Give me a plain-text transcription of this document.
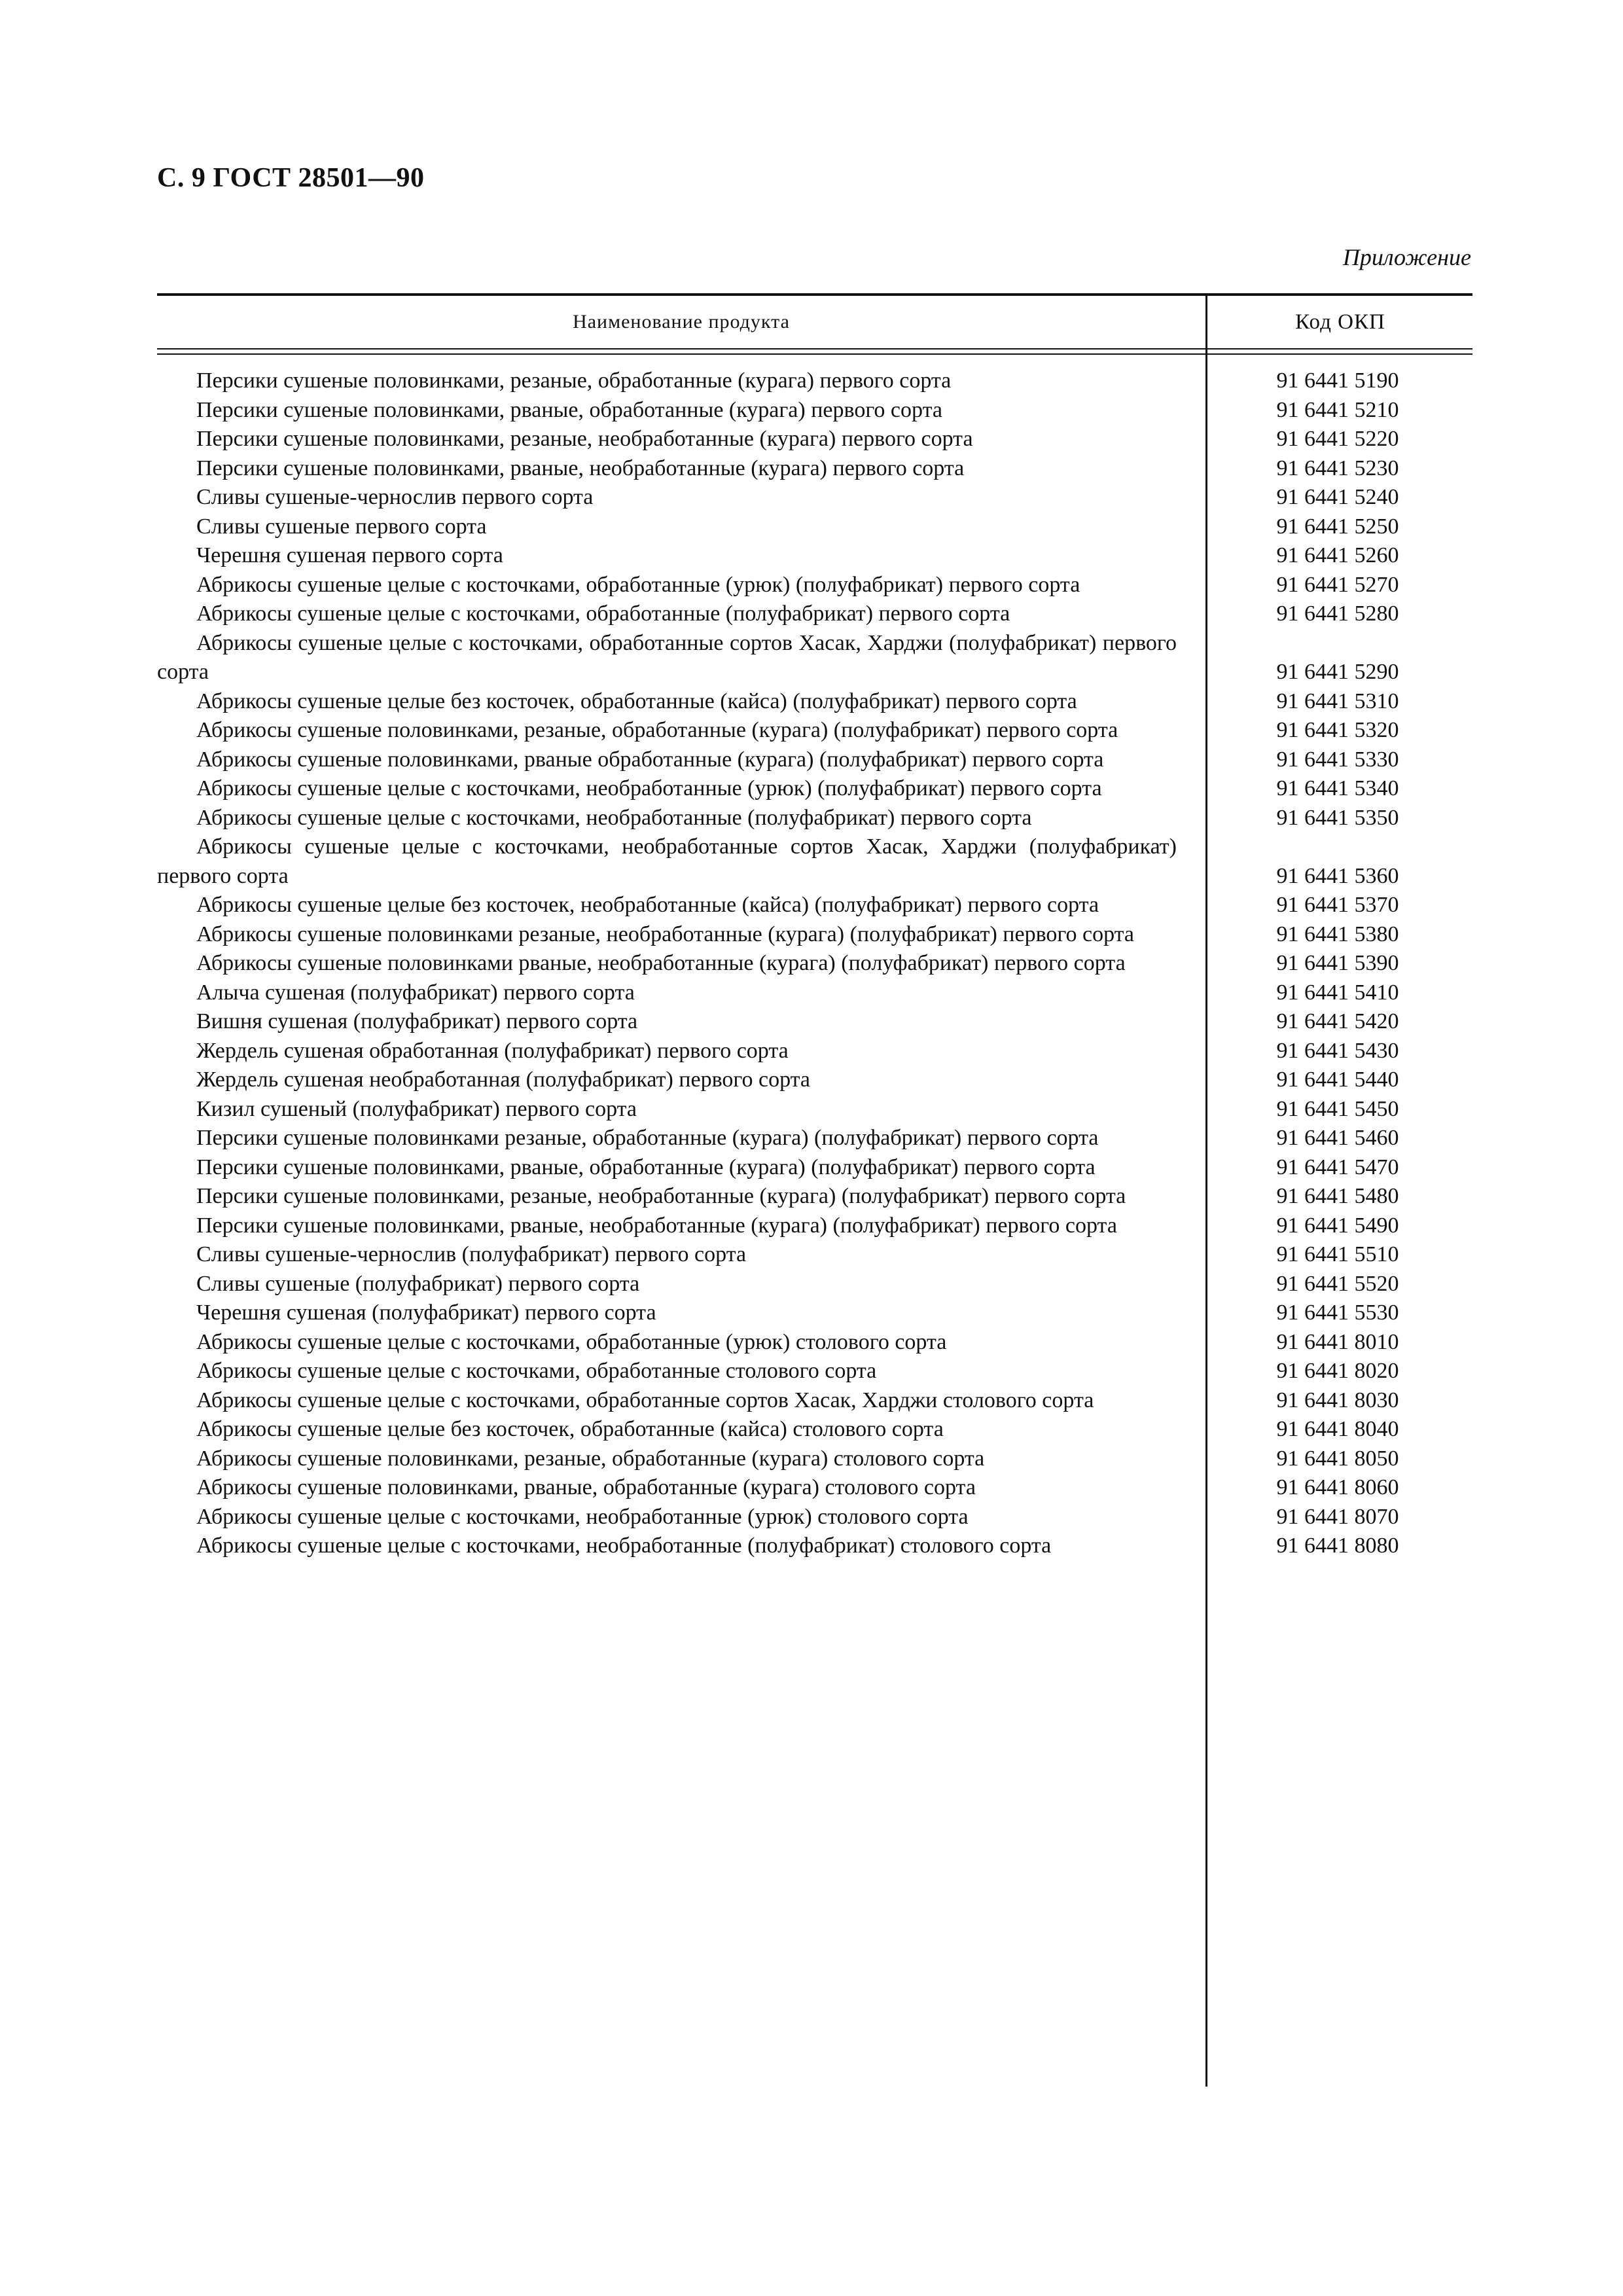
С. 9 ГОСТ 28501—90
Приложение
Наименование продукта	Код ОКП
Персики сушеные половинками, резаные, обработанные (курага) первого сорта	91 6441 5190
Персики сушеные половинками, рваные, обработанные (курага) первого сорта	91 6441 5210
Персики сушеные половинками, резаные, необработанные (курага) первого сорта	91 6441 5220
Персики сушеные половинками, рваные, необработанные (курага) первого сорта	91 6441 5230
Сливы сушеные-чернослив первого сорта	91 6441 5240
Сливы сушеные первого сорта	91 6441 5250
Черешня сушеная первого сорта	91 6441 5260
Абрикосы сушеные целые с косточками, обработанные (урюк) (полуфабрикат) первого сорта	91 6441 5270
Абрикосы сушеные целые с косточками, обработанные (полуфабрикат) первого сорта	91 6441 5280
Абрикосы сушеные целые с косточками, обработанные сортов Хасак, Харджи (полуфабрикат) первого сорта	91 6441 5290
Абрикосы сушеные целые без косточек, обработанные (кайса) (полуфабрикат) первого сорта	91 6441 5310
Абрикосы сушеные половинками, резаные, обработанные (курага) (полуфабрикат) первого сорта	91 6441 5320
Абрикосы сушеные половинками, рваные обработанные (курага) (полуфабрикат) первого сорта	91 6441 5330
Абрикосы сушеные целые с косточками, необработанные (урюк) (полуфабрикат) первого сорта	91 6441 5340
Абрикосы сушеные целые с косточками, необработанные (полуфабрикат) первого сорта	91 6441 5350
Абрикосы сушеные целые с косточками, необработанные сортов Хасак, Харджи (полуфабрикат) первого сорта	91 6441 5360
Абрикосы сушеные целые без косточек, необработанные (кайса) (полуфабрикат) первого сорта	91 6441 5370
Абрикосы сушеные половинками резаные, необработанные (курага) (полуфабрикат) первого сорта	91 6441 5380
Абрикосы сушеные половинками рваные, необработанные (курага) (полуфабрикат) первого сорта	91 6441 5390
Алыча сушеная (полуфабрикат) первого сорта	91 6441 5410
Вишня сушеная (полуфабрикат) первого сорта	91 6441 5420
Жердель сушеная обработанная (полуфабрикат) первого сорта	91 6441 5430
Жердель сушеная необработанная (полуфабрикат) первого сорта	91 6441 5440
Кизил сушеный (полуфабрикат) первого сорта	91 6441 5450
Персики сушеные половинками резаные, обработанные (курага) (полуфабрикат) первого сорта	91 6441 5460
Персики сушеные половинками, рваные, обработанные (курага) (полуфабрикат) первого сорта	91 6441 5470
Персики сушеные половинками, резаные, необработанные (курага) (полуфабрикат) первого сорта	91 6441 5480
Персики сушеные половинками, рваные, необработанные (курага) (полуфабрикат) первого сорта	91 6441 5490
Сливы сушеные-чернослив (полуфабрикат) первого сорта	91 6441 5510
Сливы сушеные (полуфабрикат) первого сорта	91 6441 5520
Черешня сушеная (полуфабрикат) первого сорта	91 6441 5530
Абрикосы сушеные целые с косточками, обработанные (урюк) столового сорта	91 6441 8010
Абрикосы сушеные целые с косточками, обработанные столового сорта	91 6441 8020
Абрикосы сушеные целые с косточками, обработанные сортов Хасак, Харджи столового сорта	91 6441 8030
Абрикосы сушеные целые без косточек, обработанные (кайса) столового сорта	91 6441 8040
Абрикосы сушеные половинками, резаные, обработанные (курага) столового сорта	91 6441 8050
Абрикосы сушеные половинками, рваные, обработанные (курага) столового сорта	91 6441 8060
Абрикосы сушеные целые с косточками, необработанные (урюк) столового сорта	91 6441 8070
Абрикосы сушеные целые с косточками, необработанные (полуфабрикат) столового сорта	91 6441 8080
